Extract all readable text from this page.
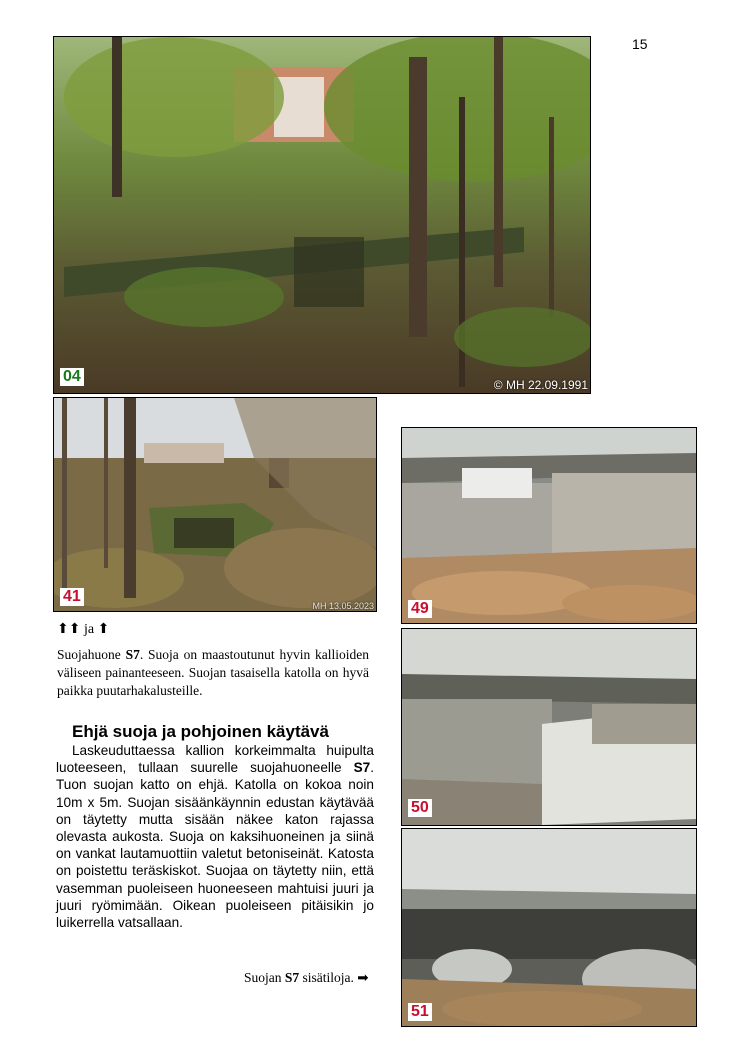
15
04	© MH 22.09.1991
41
MH 13.05.2023 49
50
51
⬆⬆ ja ⬆
Suojahuone S7. Suoja on maastoutunut hyvin kallioiden väliseen painanteeseen. Suojan tasaisella katolla on hyvä paikka puutarhakalusteille.
Ehjä suoja ja pohjoinen käytävä

Laskeuduttaessa kallion korkeimmalta huipulta luoteeseen, tullaan suurelle suojahuoneelle S7. Tuon suojan katto on ehjä. Katolla on kokoa noin 10m x 5m. Suojan sisäänkäynnin edustan käytävää on täytetty mutta sisään näkee katon rajassa olevasta aukosta. Suoja on kaksihuoneinen ja siinä on vankat lautamuottiin valetut betoniseinät. Katosta on poistettu teräskiskot. Suojaa on täytetty niin, että vasemman puoleiseen huoneeseen mahtuisi juuri ja juuri ryömimään. Oikean puoleiseen pitäisikin jo luikerrella vatsallaan.

Suojan S7 sisätiloja. ➡
